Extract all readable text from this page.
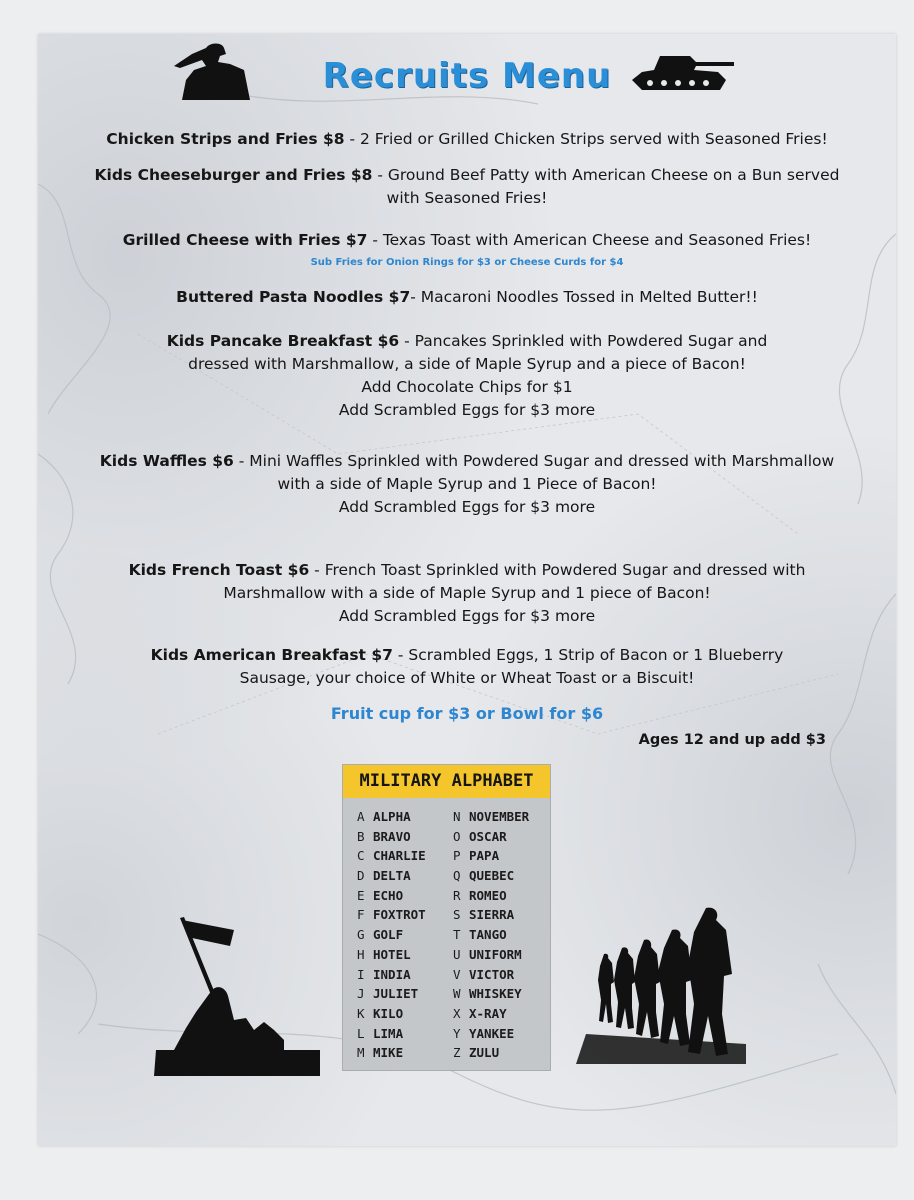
Recruits Menu
Chicken Strips and Fries $8 - 2 Fried or Grilled Chicken Strips served with Seasoned Fries!
Kids Cheeseburger and Fries $8 - Ground Beef Patty with American Cheese on a Bun served
with Seasoned Fries!
Grilled Cheese with Fries $7 - Texas Toast with American Cheese and Seasoned Fries!
Sub Fries for Onion Rings for $3 or Cheese Curds for $4
Buttered Pasta Noodles $7- Macaroni Noodles Tossed in Melted Butter!!
Kids Pancake Breakfast $6 - Pancakes Sprinkled with Powdered Sugar and
dressed with Marshmallow, a side of Maple Syrup and a piece of Bacon!
Add Chocolate Chips for $1
Add Scrambled Eggs for $3 more
Kids Waffles $6 - Mini Waffles Sprinkled with Powdered Sugar and dressed with Marshmallow
with a side of Maple Syrup and 1 Piece of Bacon!
Add Scrambled Eggs for $3 more
Kids French Toast $6 - French Toast Sprinkled with Powdered Sugar and dressed with
Marshmallow with a side of Maple Syrup and 1 piece of Bacon!
Add Scrambled Eggs for $3 more
Kids American Breakfast $7 - Scrambled Eggs, 1 Strip of Bacon or 1 Blueberry
Sausage, your choice of White or Wheat Toast or a Biscuit!
Fruit cup for $3 or Bowl for $6
Ages 12 and up add $3
MILITARY ALPHABET
A ALPHA
B BRAVO
C CHARLIE
D DELTA
E ECHO
F FOXTROT
G GOLF
H HOTEL
I INDIA
J JULIET
K KILO
L LIMA
M MIKE
N NOVEMBER
O OSCAR
P PAPA
Q QUEBEC
R ROMEO
S SIERRA
T TANGO
U UNIFORM
V VICTOR
W WHISKEY
X X-RAY
Y YANKEE
Z ZULU
